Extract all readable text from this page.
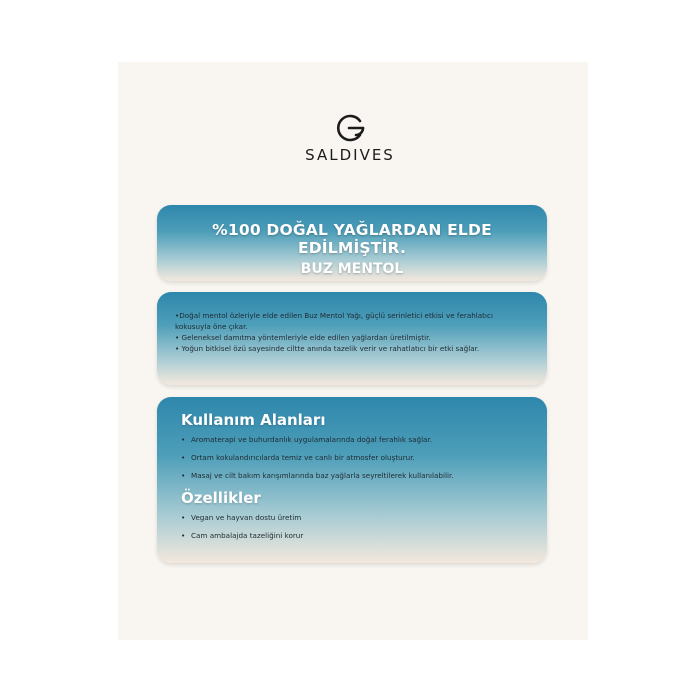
SALDIVES
%100 DOĞAL YAĞLARDAN ELDE EDİLMİŞTİR.
BUZ MENTOL

•Doğal mentol özleriyle elde edilen Buz Mentol Yağı, güçlü serinletici etkisi ve ferahlatıcı

kokusuyla öne çıkar.

• Geleneksel damıtma yöntemleriyle elde edilen yağlardan üretilmiştir.

• Yoğun bitkisel özü sayesinde ciltte anında tazelik verir ve rahatlatıcı bir etki sağlar.

Kullanım Alanları
• Aromaterapi ve buhurdanlık uygulamalarında doğal ferahlık sağlar.
• Ortam kokulandırıcılarda temiz ve canlı bir atmosfer oluşturur.
• Masaj ve cilt bakım karışımlarında baz yağlarla seyreltilerek kullanılabilir.
Özellikler
• Vegan ve hayvan dostu üretim
• Cam ambalajda tazeliğini korur
